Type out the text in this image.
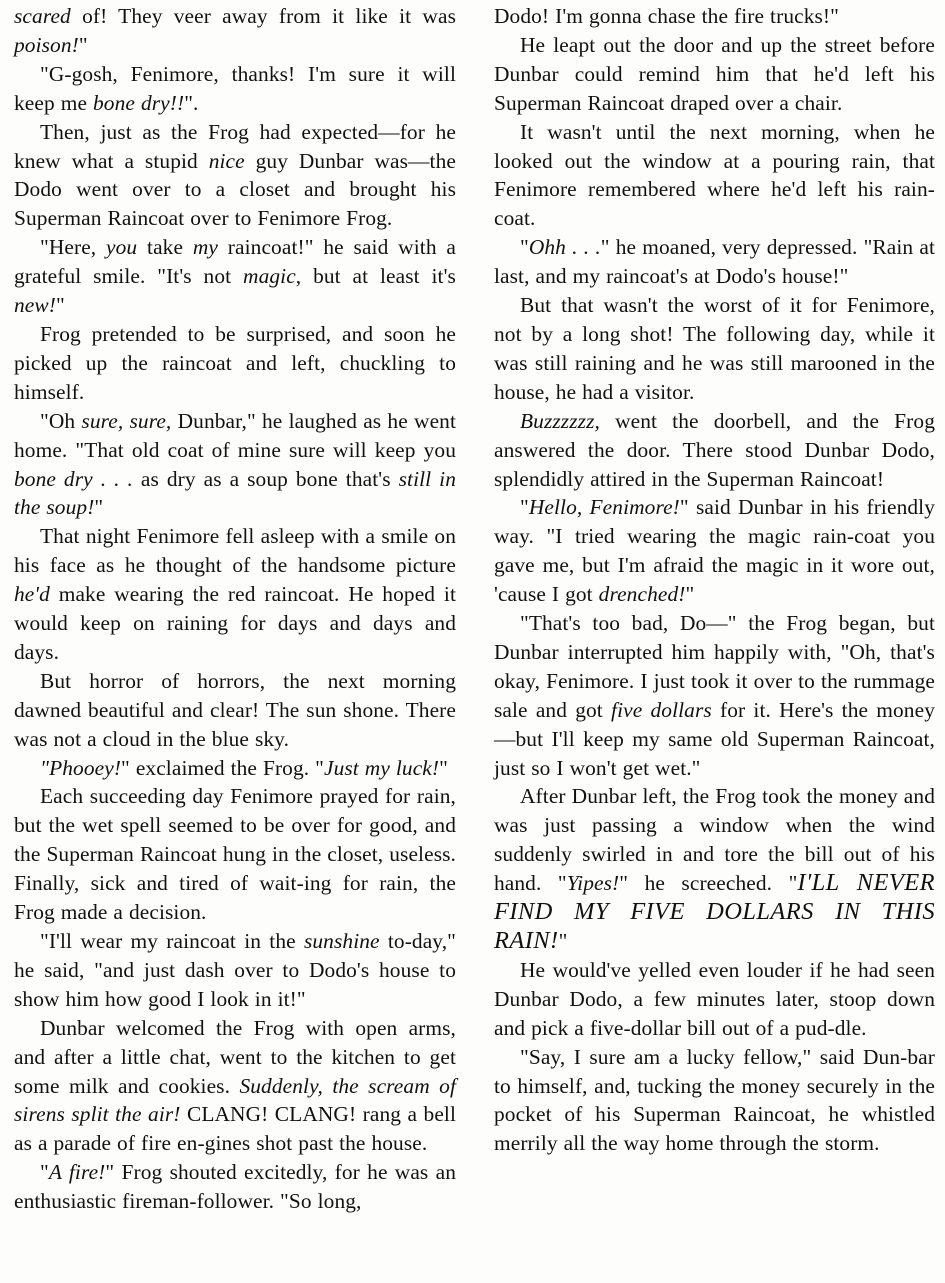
scared of! They veer away from it like it was poison!"

"G-gosh, Fenimore, thanks! I'm sure it will keep me bone dry!!".

Then, just as the Frog had expected—for he knew what a stupid nice guy Dunbar was—the Dodo went over to a closet and brought his Superman Raincoat over to Fenimore Frog.

"Here, you take my raincoat!" he said with a grateful smile. "It's not magic, but at least it's new!"

Frog pretended to be surprised, and soon he picked up the raincoat and left, chuckling to himself.

"Oh sure, sure, Dunbar," he laughed as he went home. "That old coat of mine sure will keep you bone dry . . . as dry as a soup bone that's still in the soup!"

That night Fenimore fell asleep with a smile on his face as he thought of the handsome picture he'd make wearing the red raincoat. He hoped it would keep on raining for days and days and days.

But horror of horrors, the next morning dawned beautiful and clear! The sun shone. There was not a cloud in the blue sky.

"Phooey!" exclaimed the Frog. "Just my luck!"

Each succeeding day Fenimore prayed for rain, but the wet spell seemed to be over for good, and the Superman Raincoat hung in the closet, useless. Finally, sick and tired of wait-ing for rain, the Frog made a decision.

"I'll wear my raincoat in the sunshine to-day," he said, "and just dash over to Dodo's house to show him how good I look in it!"

Dunbar welcomed the Frog with open arms, and after a little chat, went to the kitchen to get some milk and cookies. Suddenly, the scream of sirens split the air! CLANG! CLANG! rang a bell as a parade of fire en-gines shot past the house.

"A fire!" Frog shouted excitedly, for he was an enthusiastic fireman-follower. "So long,

Dodo! I'm gonna chase the fire trucks!"

He leapt out the door and up the street before Dunbar could remind him that he'd left his Superman Raincoat draped over a chair.

It wasn't until the next morning, when he looked out the window at a pouring rain, that Fenimore remembered where he'd left his rain-coat.

"Ohh . . ." he moaned, very depressed. "Rain at last, and my raincoat's at Dodo's house!"

But that wasn't the worst of it for Fenimore, not by a long shot! The following day, while it was still raining and he was still marooned in the house, he had a visitor.

Buzzzzzz, went the doorbell, and the Frog answered the door. There stood Dunbar Dodo, splendidly attired in the Superman Raincoat!

"Hello, Fenimore!" said Dunbar in his friendly way. "I tried wearing the magic rain-coat you gave me, but I'm afraid the magic in it wore out, 'cause I got drenched!"

"That's too bad, Do—" the Frog began, but Dunbar interrupted him happily with, "Oh, that's okay, Fenimore. I just took it over to the rummage sale and got five dollars for it. Here's the money—but I'll keep my same old Superman Raincoat, just so I won't get wet."

After Dunbar left, the Frog took the money and was just passing a window when the wind suddenly swirled in and tore the bill out of his hand. "Yipes!" he screeched. "I'LL NEVER FIND MY FIVE DOLLARS IN THIS RAIN!"

He would've yelled even louder if he had seen Dunbar Dodo, a few minutes later, stoop down and pick a five-dollar bill out of a pud-dle.

"Say, I sure am a lucky fellow," said Dun-bar to himself, and, tucking the money securely in the pocket of his Superman Raincoat, he whistled merrily all the way home through the storm.
